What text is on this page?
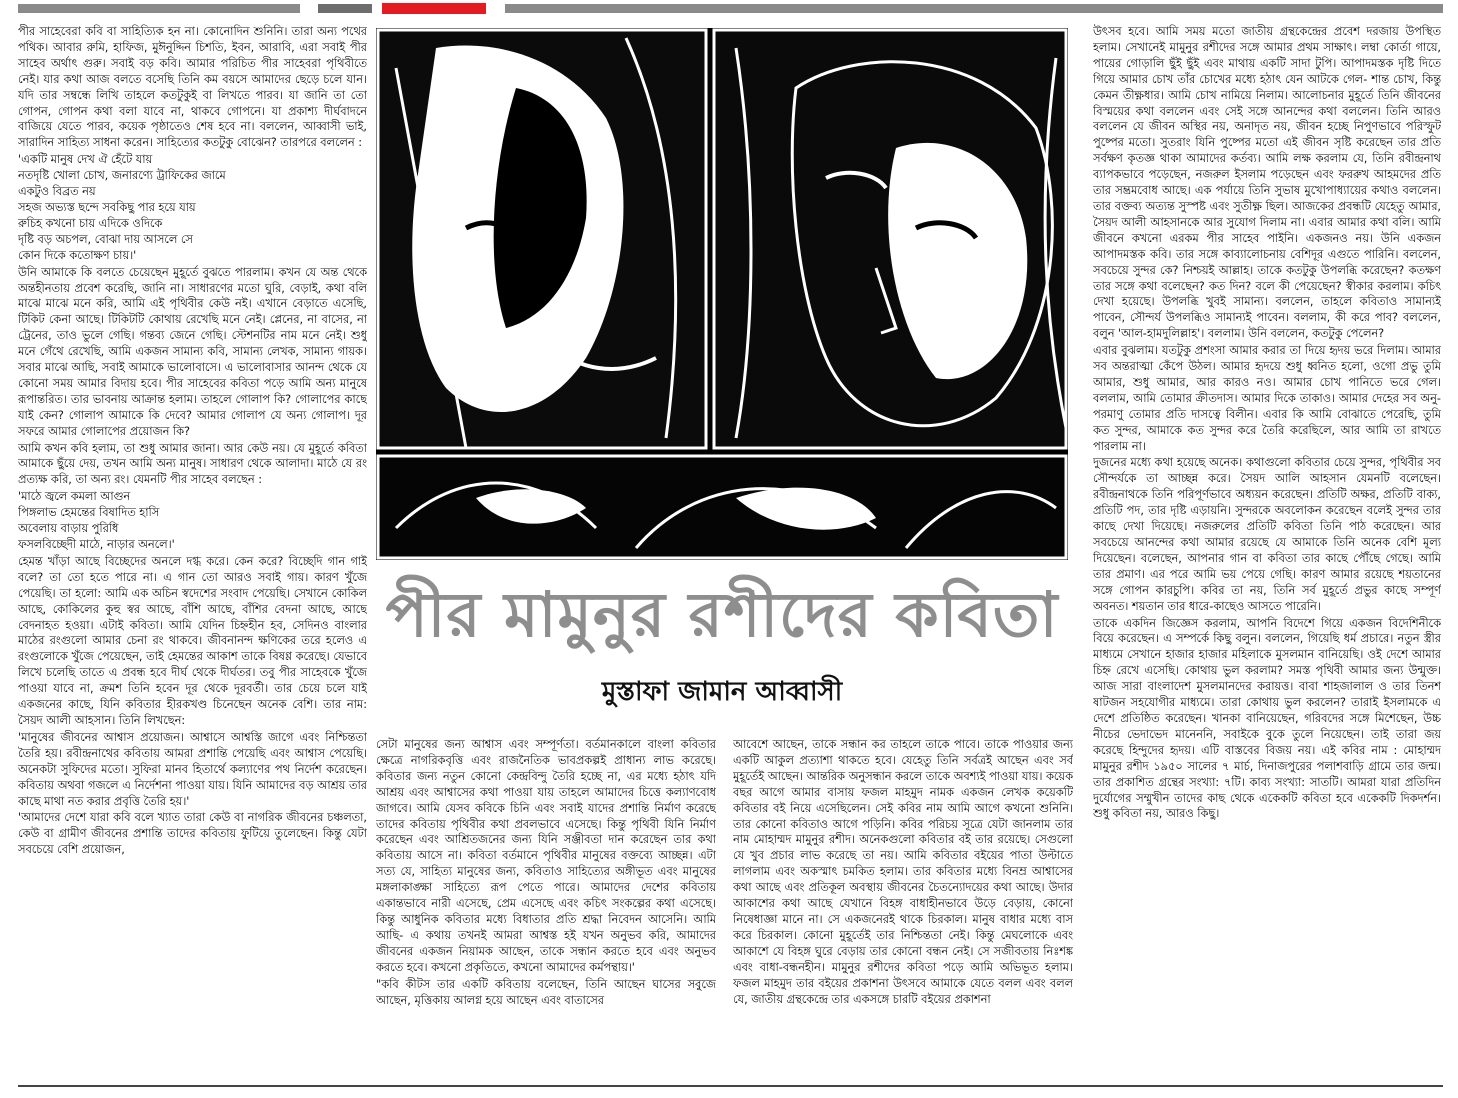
পীর সাহেবেরা কবি বা সাহিত্যিক হন না। কোনোদিন শুনিনি। তারা অন্য পথের পথিক। আবার রুমি, হাফিজ, মুঈনুদ্দিন চিশতি, ইবন, আরাবি, এরা সবাই পীর সাহেব অর্থাৎ গুরু। সবাই বড় কবি। আমার পরিচিত পীর সাহেবরা পৃথিবীতে নেই। যার কথা আজ বলতে বসেছি তিনি কম বয়সে আমাদের ছেড়ে চলে যান। যদি তার সম্বন্ধে লিখি তাহলে কতটুকুই বা লিখতে পারব। যা জানি তা তো গোপন, গোপন কথা বলা যাবে না, থাকবে গোপনে। যা প্রকাশ্য দীর্ঘবাদনে বাজিয়ে যেতে পারব, কয়েক পৃষ্ঠাতেও শেষ হবে না। বললেন, আব্বাসী ভাই, সারাদিন সাহিত্য সাধনা করেন। সাহিত্যের কতটুকু বোঝেন? তারপরে বললেন :

'একটি মানুষ দেখ ঐ হেঁটে যায়
নতদৃষ্টি খোলা চোখ, জনারণ্যে ট্রাফিকের জামে
একটুও বিব্রত নয়
সহজ অভ্যস্ত ছন্দে সবকিছু পার হয়ে যায়
রুচিহ কখনো চায় এদিকে ওদিকে
দৃষ্টি বড় অচপল, বোঝা দায় আসলে সে
কোন দিকে কতোক্ষণ চায়।'

উনি আমাকে কি বলতে চেয়েছেন মুহূর্তে বুঝতে পারলাম। কখন যে অন্ত থেকে অন্তহীনতায় প্রবেশ করেছি, জানি না। সাধারণের মতো ঘুরি, বেড়াই, কথা বলি মাঝে মাঝে মনে করি, আমি এই পৃথিবীর কেউ নই। এখানে বেড়াতে এসেছি, টিকিট কেনা আছে। টিকিটটি কোথায় রেখেছি মনে নেই। প্লেনের, না বাসের, না ট্রেনের, তাও ভুলে গেছি। গন্তব্য জেনে গেছি। স্টেশনটির নাম মনে নেই। শুধু মনে গেঁথে রেখেছি, আমি একজন সামান্য কবি, সামান্য লেখক, সামান্য গায়ক। সবার মাঝে আছি, সবাই আমাকে ভালোবাসে। এ ভালোবাসার আনন্দ থেকে যে কোনো সময় আমার বিদায় হবে। পীর সাহেবের কবিতা পড়ে আমি অন্য মানুষে রূপান্তরিত। তার ভাবনায় আক্রান্ত হলাম। তাহলে গোলাপ কি? গোলাপের কাছে যাই কেন? গোলাপ আমাকে কি দেবে? আমার গোলাপ যে অন্য গোলাপ। দূর সফরে আমার গোলাপের প্রয়োজন কি?

আমি কখন কবি হলাম, তা শুধু আমার জানা। আর কেউ নয়। যে মুহূর্তে কবিতা আমাকে ছুঁয়ে দেয়, তখন আমি অন্য মানুষ। সাধারণ থেকে আলাদা। মাঠে যে রং প্রত্যক্ষ করি, তা অন্য রং। যেমনটি পীর সাহেব বলছেন :

'মাঠে জ্বলে কমলা আগুন
পিঙ্গলাভ হেমন্তের বিষাদিত হাসি
অবেলায় বাড়ায় পুরিধি
ফসলবিচ্ছেদী মাঠে, নাড়ার অনলে।'

হেমন্ত খাঁড়া আছে বিচ্ছেদের অনলে দগ্ধ করে। কেন করে? বিচ্ছেদি গান গাই বলে? তা তো হতে পারে না। এ গান তো আরও সবাই গায়। কারণ খুঁজে পেয়েছি। তা হলো: আমি এক অচিন স্বদেশের সংবাদ পেয়েছি। সেখানে কোকিল আছে, কোকিলের কুহু স্বর আছে, বাঁশি আছে, বাঁশির বেদনা আছে, আছে বেদনাহত হওয়া। এটাই কবিতা। আমি যেদিন চিহ্নহীন হব, সেদিনও বাংলার মাঠের রংগুলো আমার চেনা রং থাকবে। জীবনানন্দ ক্ষণিকের তরে হলেও এ রংগুলোকে খুঁজে পেয়েছেন, তাই হেমন্তের আকাশ তাকে বিষণ্ণ করেছে। যেভাবে লিখে চলেছি তাতে এ প্রবন্ধ হবে দীর্ঘ থেকে দীর্ঘতর। তবু পীর সাহেবকে খুঁজে পাওয়া যাবে না, ক্রমশ তিনি হবেন দূর থেকে দূরবর্তী। তার চেয়ে চলে যাই একজনের কাছে, যিনি কবিতার হীরকখণ্ড চিনেছেন অনেক বেশি। তার নাম: সৈয়দ আলী আহসান। তিনি লিখছেন:

'মানুষের জীবনের আশ্বাস প্রয়োজন। আশ্বাসে আশ্বস্তি জাগে এবং নিশ্চিন্ততা তৈরি হয়। রবীন্দ্রনাথের কবিতায় আমরা প্রশান্তি পেয়েছি এবং আশ্বাস পেয়েছি। অনেকটা সুফিদের মতো। সুফিরা মানব হিতার্থে কল্যাণের পথ নির্দেশ করেছেন। কবিতায় অথবা গজলে এ নির্দেশনা পাওয়া যায়। যিনি আমাদের বড় আশ্রয় তার কাছে মাথা নত করার প্রবৃত্তি তৈরি হয়।'

'আমাদের দেশে যারা কবি বলে খ্যাত তারা কেউ বা নাগরিক জীবনের চঞ্চলতা, কেউ বা গ্রামীণ জীবনের প্রশান্তি তাদের কবিতায় ফুটিয়ে তুলেছেন। কিন্তু যেটা সবচেয়ে বেশি প্রয়োজন,

পীর মামুনুর রশীদের কবিতা
মুস্তাফা জামান আব্বাসী

সেটা মানুষের জন্য আশ্বাস এবং সম্পূর্ণতা। বর্তমানকালে বাংলা কবিতার ক্ষেত্রে নাগরিকবৃত্তি এবং রাজনৈতিক ভাবপ্রকল্পই প্রাধান্য লাভ করেছে। কবিতার জন্য নতুন কোনো কেন্দ্রবিন্দু তৈরি হচ্ছে না, এর মধ্যে হঠাৎ যদি আশ্রয় এবং আশ্বাসের কথা পাওয়া যায় তাহলে আমাদের চিত্তে কল্যাণবোধ জাগবে। আমি যেসব কবিকে চিনি এবং সবাই যাদের প্রশান্তি নির্মাণ করেছে তাদের কবিতায় পৃথিবীর কথা প্রবলভাবে এসেছে। কিন্তু পৃথিবী যিনি নির্মাণ করেছেন এবং আশ্রিতজনের জন্য যিনি সঞ্জীবতা দান করেছেন তার কথা কবিতায় আসে না। কবিতা বর্তমানে পৃথিবীর মানুষের বক্তব্যে আচ্ছন্ন। এটা সত্য যে, সাহিত্য মানুষের জন্য, কবিতাও সাহিত্যের অঙ্গীভূত এবং মানুষের মঙ্গলাকাঙ্ক্ষা সাহিত্যে রূপ পেতে পারে। আমাদের দেশের কবিতায় একান্তভাবে নারী এসেছে, প্রেম এসেছে এবং কচিৎ সংকল্পের কথা এসেছে। কিন্তু আধুনিক কবিতার মধ্যে বিধাতার প্রতি শ্রদ্ধা নিবেদন আসেনি। আমি আছি- এ কথায় তখনই আমরা আশ্বস্ত হই যখন অনুভব করি, আমাদের জীবনের একজন নিয়ামক আছেন, তাকে সন্ধান করতে হবে এবং অনুভব করতে হবে। কখনো প্রকৃতিতে, কখনো আমাদের কর্মপন্থায়।'

"কবি কীটস তার একটি কবিতায় বলেছেন, তিনি আছেন ঘাসের সবুজে আছেন, মৃত্তিকায় আলগ্ন হয়ে আছেন এবং বাতাসের

আবেশে আছেন, তাকে সন্ধান কর তাহলে তাকে পাবে। তাকে পাওয়ার জন্য একটি আকুল প্রত্যাশা থাকতে হবে। যেহেতু তিনি সর্বত্রই আছেন এবং সর্ব মুহূর্তেই আছেন। আন্তরিক অনুসন্ধান করলে তাকে অবশ্যই পাওয়া যায়। কয়েক বছর আগে আমার বাসায় ফজল মাহমুদ নামক একজন লেখক কয়েকটি কবিতার বই নিয়ে এসেছিলেন। সেই কবির নাম আমি আগে কখনো শুনিনি। তার কোনো কবিতাও আগে পড়িনি। কবির পরিচয় সূত্রে যেটা জানলাম তার নাম মোহাম্মদ মামুনুর রশীদ। অনেকগুলো কবিতার বই তার রয়েছে। সেগুলো যে খুব প্রচার লাভ করেছে তা নয়। আমি কবিতার বইয়ের পাতা উল্টাতে লাগলাম এবং অকস্মাৎ চমকিত হলাম। তার কবিতার মধ্যে বিনম্র আশ্বাসের কথা আছে এবং প্রতিকূল অবস্থায় জীবনের চৈতন্যোদয়ের কথা আছে। উদার আকাশের কথা আছে যেখানে বিহঙ্গ বাধাহীনভাবে উড়ে বেড়ায়, কোনো নিষেধাজ্ঞা মানে না। সে একজনেরই থাকে চিরকাল। মানুষ বাধার মধ্যে বাস করে চিরকাল। কোনো মুহূর্তেই তার নিশ্চিন্ততা নেই। কিন্তু মেঘলোকে এবং আকাশে যে বিহঙ্গ ঘুরে বেড়ায় তার কোনো বন্ধন নেই। সে সজীবতায় নিঃশঙ্ক এবং বাধা-বন্ধনহীন। মামুনুর রশীদের কবিতা পড়ে আমি অভিভূত হলাম। ফজল মাহমুদ তার বইয়ের প্রকাশনা উৎসবে আমাকে যেতে বলল এবং বলল যে, জাতীয় গ্রন্থকেন্দ্রে তার একসঙ্গে চারটি বইয়ের প্রকাশনা

উৎসব হবে। আমি সময় মতো জাতীয় গ্রন্থকেন্দ্রের প্রবেশ দরজায় উপস্থিত হলাম। সেখানেই মামুনুর রশীদের সঙ্গে আমার প্রথম সাক্ষাৎ। লম্বা কোর্তা গায়ে, পায়ের গোড়ালি ছুঁই ছুঁই এবং মাথায় একটি সাদা টুপি। আপাদমস্তক দৃষ্টি দিতে গিয়ে আমার চোখ তাঁর চোখের মধ্যে হঠাৎ যেন আটকে গেল- শান্ত চোখ, কিন্তু কেমন তীক্ষ্ণধার। আমি চোখ নামিয়ে নিলাম। আলোচনার মুহূর্তে তিনি জীবনের বিস্ময়ের কথা বললেন এবং সেই সঙ্গে আনন্দের কথা বললেন। তিনি আরও বললেন যে জীবন অস্থির নয়, অনাদৃত নয়, জীবন হচ্ছে নিপুণভাবে পরিস্ফুট পুষ্পের মতো। সুতরাং যিনি পুষ্পের মতো এই জীবন সৃষ্টি করেছেন তার প্রতি সর্বক্ষণ কৃতজ্ঞ থাকা আমাদের কর্তব্য। আমি লক্ষ করলাম যে, তিনি রবীন্দ্রনাথ ব্যাপকভাবে পড়েছেন, নজরুল ইসলাম পড়েছেন এবং ফররুখ আহমদের প্রতি তার সম্ভ্রমবোধ আছে। এক পর্যায়ে তিনি সুভাষ মুখোপাধ্যায়ের কথাও বললেন। তার বক্তব্য অত্যন্ত সুস্পষ্ট এবং সুতীক্ষ্ণ ছিল। আজকের প্রবন্ধটি যেহেতু আমার, সৈয়দ আলী আহসানকে আর সুযোগ দিলাম না। এবার আমার কথা বলি। আমি জীবনে কখনো এরকম পীর সাহেব পাইনি। একজনও নয়। উনি একজন আপাদমস্তক কবি। তার সঙ্গে কাব্যালোচনায় বেশিদূর এগুতে পারিনি। বললেন, সবচেয়ে সুন্দর কে? নিশ্চয়ই আল্লাহ। তাকে কতটুকু উপলব্ধি করেছেন? কতক্ষণ তার সঙ্গে কথা বলেছেন? কত দিন? বলে কী পেয়েছেন? স্বীকার করলাম। কচিৎ দেখা হয়েছে। উপলব্ধি খুবই সামান্য। বললেন, তাহলে কবিতাও সামান্যই পাবেন, সৌন্দর্য উপলব্ধিও সামান্যই পাবেন। বললাম, কী করে পাব? বললেন, বলুন 'আল-হামদুলিল্লাহ'। বললাম। উনি বললেন, কতটুকু পেলেন?

এবার বুঝলাম। যতটুকু প্রশংসা আমার করার তা দিয়ে হৃদয় ভরে দিলাম। আমার সব অন্তরাত্মা কেঁপে উঠল। আমার হৃদয়ে শুধু ধ্বনিত হলো, ওগো প্রভু তুমি আমার, শুধু আমার, আর কারও নও। আমার চোখ পানিতে ভরে গেল। বললাম, আমি তোমার ক্রীতদাস। আমার দিকে তাকাও। আমার দেহের সব অনু-পরমাণু তোমার প্রতি দাসত্বে বিলীন। এবার কি আমি বোঝাতে পেরেছি, তুমি কত সুন্দর, আমাকে কত সুন্দর করে তৈরি করেছিলে, আর আমি তা রাখতে পারলাম না।

দুজনের মধ্যে কথা হয়েছে অনেক। কথাগুলো কবিতার চেয়ে সুন্দর, পৃথিবীর সব সৌন্দর্যকে তা আচ্ছন্ন করে। সৈয়দ আলি আহসান যেমনটি বলেছেন। রবীন্দ্রনাথকে তিনি পরিপূর্ণভাবে অধ্যয়ন করেছেন। প্রতিটি অক্ষর, প্রতিটি বাক্য, প্রতিটি পদ, তার দৃষ্টি এড়ায়নি। সুন্দরকে অবলোকন করেছেন বলেই সুন্দর তার কাছে দেখা দিয়েছে। নজরুলের প্রতিটি কবিতা তিনি পাঠ করেছেন। আর সবচেয়ে আনন্দের কথা আমার রয়েছে যে আমাকে তিনি অনেক বেশি মূল্য দিয়েছেন। বলেছেন, আপনার গান বা কবিতা তার কাছে পৌঁছে গেছে। আমি তার প্রমাণ। এর পরে আমি ভয় পেয়ে গেছি। কারণ আমার রয়েছে শয়তানের সঙ্গে গোপন কারচুপি। কবির তা নয়, তিনি সর্ব মুহূর্তে প্রভুর কাছে সম্পূর্ণ অবনত। শয়তান তার ধারে-কাছেও আসতে পারেনি।

তাকে একদিন জিজ্ঞেস করলাম, আপনি বিদেশে গিয়ে একজন বিদেশিনীকে বিয়ে করেছেন। এ সম্পর্কে কিছু বলুন। বললেন, গিয়েছি ধর্ম প্রচারে। নতুন স্ত্রীর মাধ্যমে সেখানে হাজার হাজার মহিলাকে মুসলমান বানিয়েছি। ওই দেশে আমার চিহ্ন রেখে এসেছি। কোথায় ভুল করলাম? সমস্ত পৃথিবী আমার জন্য উন্মুক্ত। আজ সারা বাংলাদেশ মুসলমানদের করায়ত্ত। বাবা শাহজালাল ও তার তিনশ ষাটজন সহযোগীর মাধ্যমে। তারা কোথায় ভুল করলেন? তারাই ইসলামকে এ দেশে প্রতিষ্ঠিত করেছেন। খানকা বানিয়েছেন, গরিবদের সঙ্গে মিশেছেন, উচ্চ নীচের ভেদাভেদ মানেননি, সবাইকে বুকে তুলে নিয়েছেন। তাই তারা জয় করেছে হিন্দুদের হৃদয়। এটি বাস্তবের বিজয় নয়। এই কবির নাম : মোহাম্মদ মামুনুর রশীদ ১৯৫০ সালের ৭ মার্চ, দিনাজপুরের পলাশবাড়ি গ্রামে তার জন্ম। তার প্রকাশিত গ্রন্থের সংখ্যা: ৭টি। কাব্য সংখ্যা: সাতটি। আমরা যারা প্রতিদিন দুর্যোগের সম্মুখীন তাদের কাছ থেকে একেকটি কবিতা হবে একেকটি দিকদর্শন। শুধু কবিতা নয়, আরও কিছু।
